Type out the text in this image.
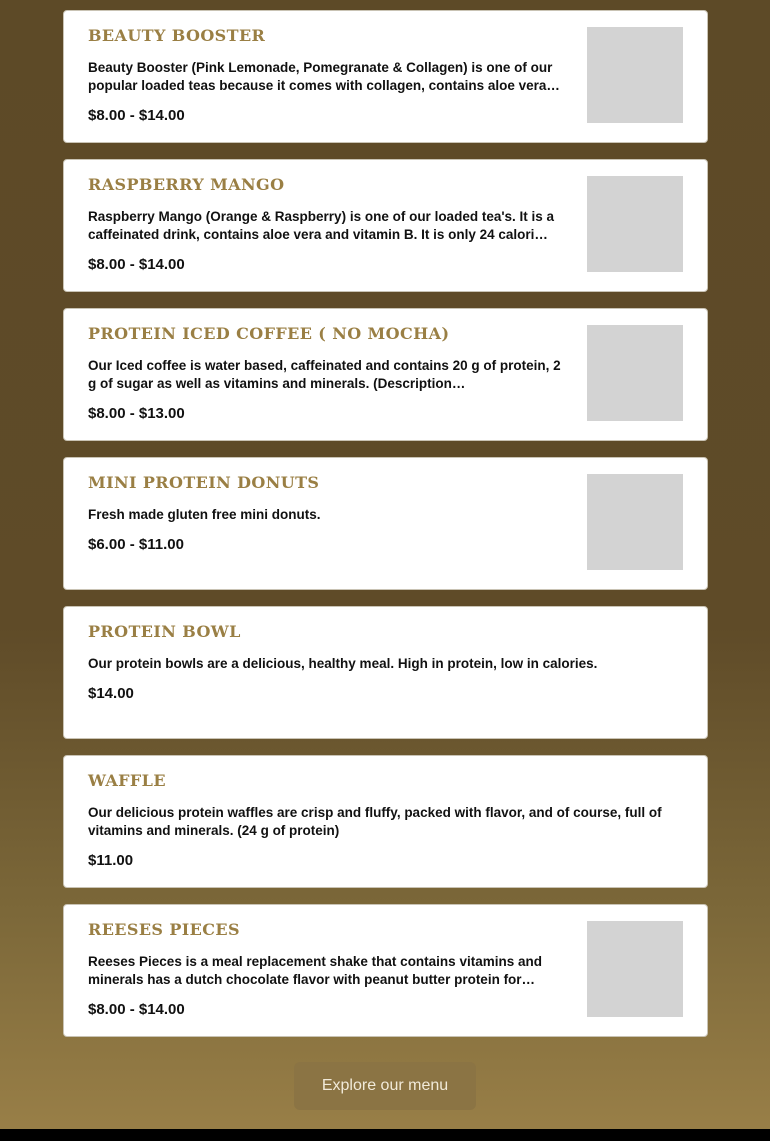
BEAUTY BOOSTER
Beauty Booster (Pink Lemonade, Pomegranate & Collagen) is one of our popular loaded teas because it comes with collagen, contains aloe vera…
$8.00 - $14.00
RASPBERRY MANGO
Raspberry Mango (Orange & Raspberry) is one of our loaded tea's. It is a caffeinated drink, contains aloe vera and vitamin B. It is only 24 calori…
$8.00 - $14.00
PROTEIN ICED COFFEE ( NO MOCHA)
Our Iced coffee is water based, caffeinated and contains 20 g of protein, 2 g of sugar as well as vitamins and minerals. (Description…
$8.00 - $13.00
MINI PROTEIN DONUTS
Fresh made gluten free mini donuts.
$6.00 - $11.00
PROTEIN BOWL
Our protein bowls are a delicious, healthy meal. High in protein, low in calories.
$14.00
WAFFLE
Our delicious protein waffles are crisp and fluffy, packed with flavor, and of course, full of vitamins and minerals. (24 g of protein)
$11.00
REESES PIECES
Reeses Pieces is a meal replacement shake that contains vitamins and minerals has a dutch chocolate flavor with peanut butter protein for…
$8.00 - $14.00
Explore our menu
